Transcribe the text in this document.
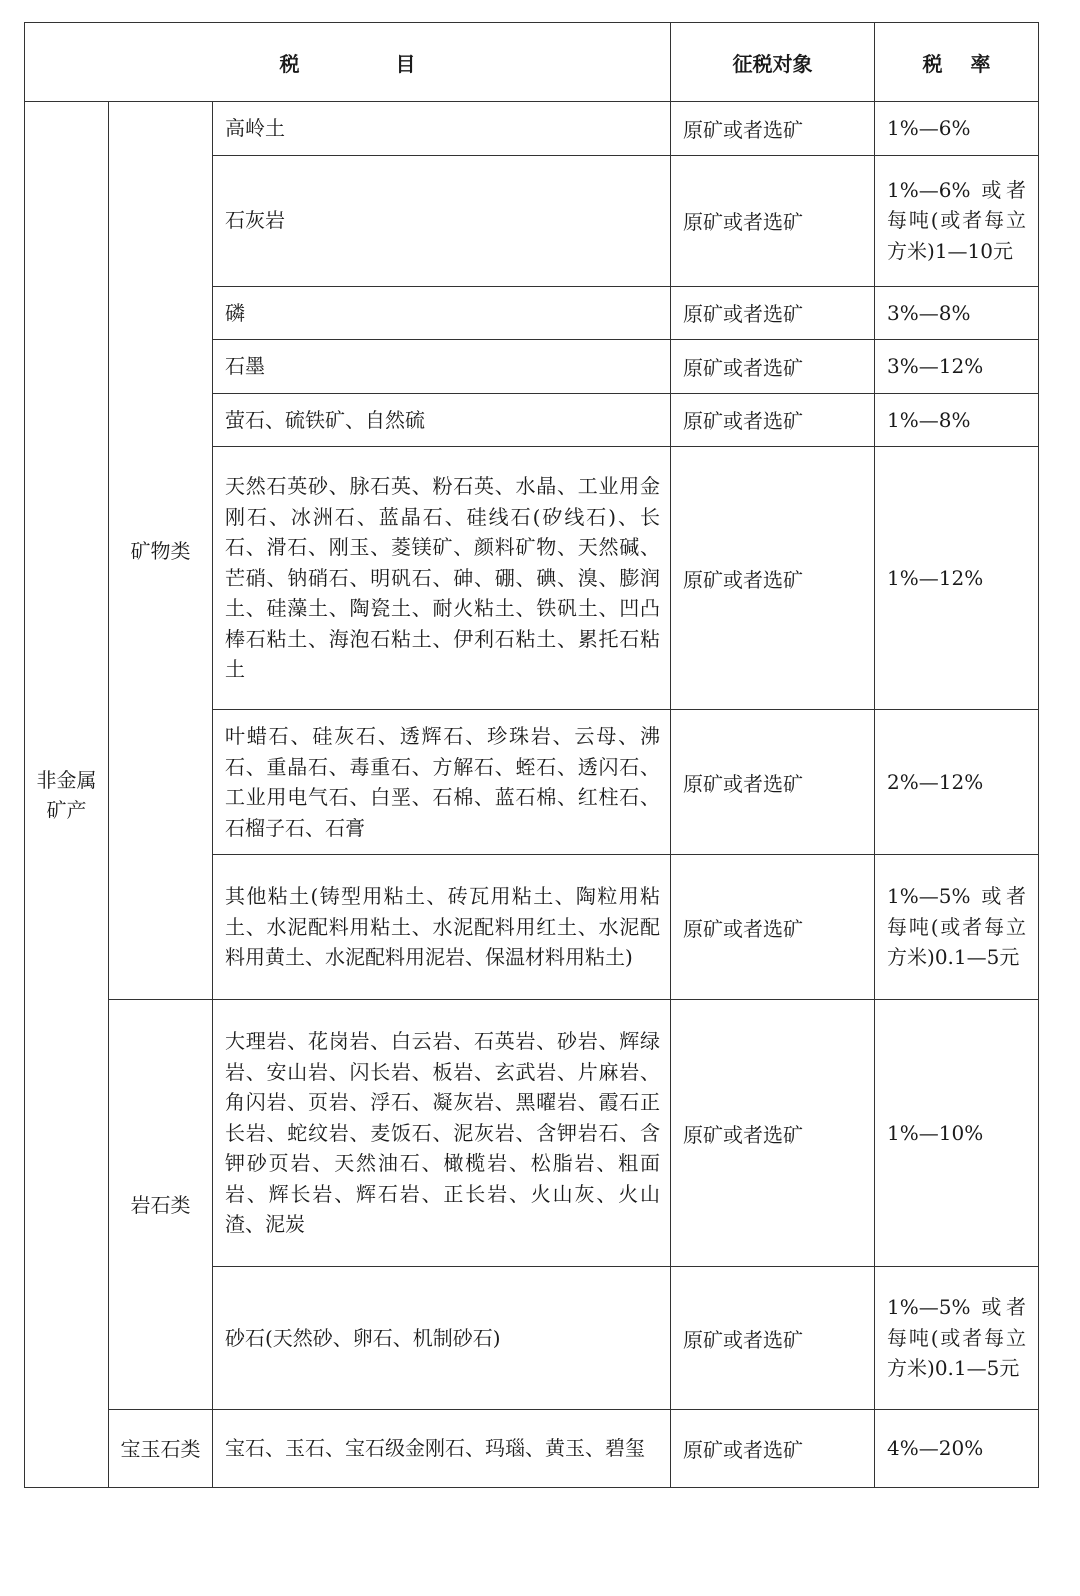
税 目			征税对象	税 率
非金属
矿产	矿物类	高岭土	原矿或者选矿	1%—6%
		石灰岩	原矿或者选矿	1%—6% 或者每吨(或者每立方米)1—10元
		磷	原矿或者选矿	3%—8%
		石墨	原矿或者选矿	3%—12%
		萤石、硫铁矿、自然硫	原矿或者选矿	1%—8%
		天然石英砂、脉石英、粉石英、水晶、工业用金刚石、冰洲石、蓝晶石、硅线石(矽线石)、长石、滑石、刚玉、菱镁矿、颜料矿物、天然碱、芒硝、钠硝石、明矾石、砷、硼、碘、溴、膨润土、硅藻土、陶瓷土、耐火粘土、铁矾土、凹凸棒石粘土、海泡石粘土、伊利石粘土、累托石粘土	原矿或者选矿	1%—12%
		叶蜡石、硅灰石、透辉石、珍珠岩、云母、沸石、重晶石、毒重石、方解石、蛭石、透闪石、工业用电气石、白垩、石棉、蓝石棉、红柱石、石榴子石、石膏	原矿或者选矿	2%—12%
		其他粘土(铸型用粘土、砖瓦用粘土、陶粒用粘土、水泥配料用粘土、水泥配料用红土、水泥配料用黄土、水泥配料用泥岩、保温材料用粘土)	原矿或者选矿	1%—5% 或者每吨(或者每立方米)0.1—5元
	岩石类	大理岩、花岗岩、白云岩、石英岩、砂岩、辉绿岩、安山岩、闪长岩、板岩、玄武岩、片麻岩、角闪岩、页岩、浮石、凝灰岩、黑曜岩、霞石正长岩、蛇纹岩、麦饭石、泥灰岩、含钾岩石、含钾砂页岩、天然油石、橄榄岩、松脂岩、粗面岩、辉长岩、辉石岩、正长岩、火山灰、火山渣、泥炭	原矿或者选矿	1%—10%
		砂石(天然砂、卵石、机制砂石)	原矿或者选矿	1%—5% 或者每吨(或者每立方米)0.1—5元
	宝玉石类	宝石、玉石、宝石级金刚石、玛瑙、黄玉、碧玺	原矿或者选矿	4%—20%
